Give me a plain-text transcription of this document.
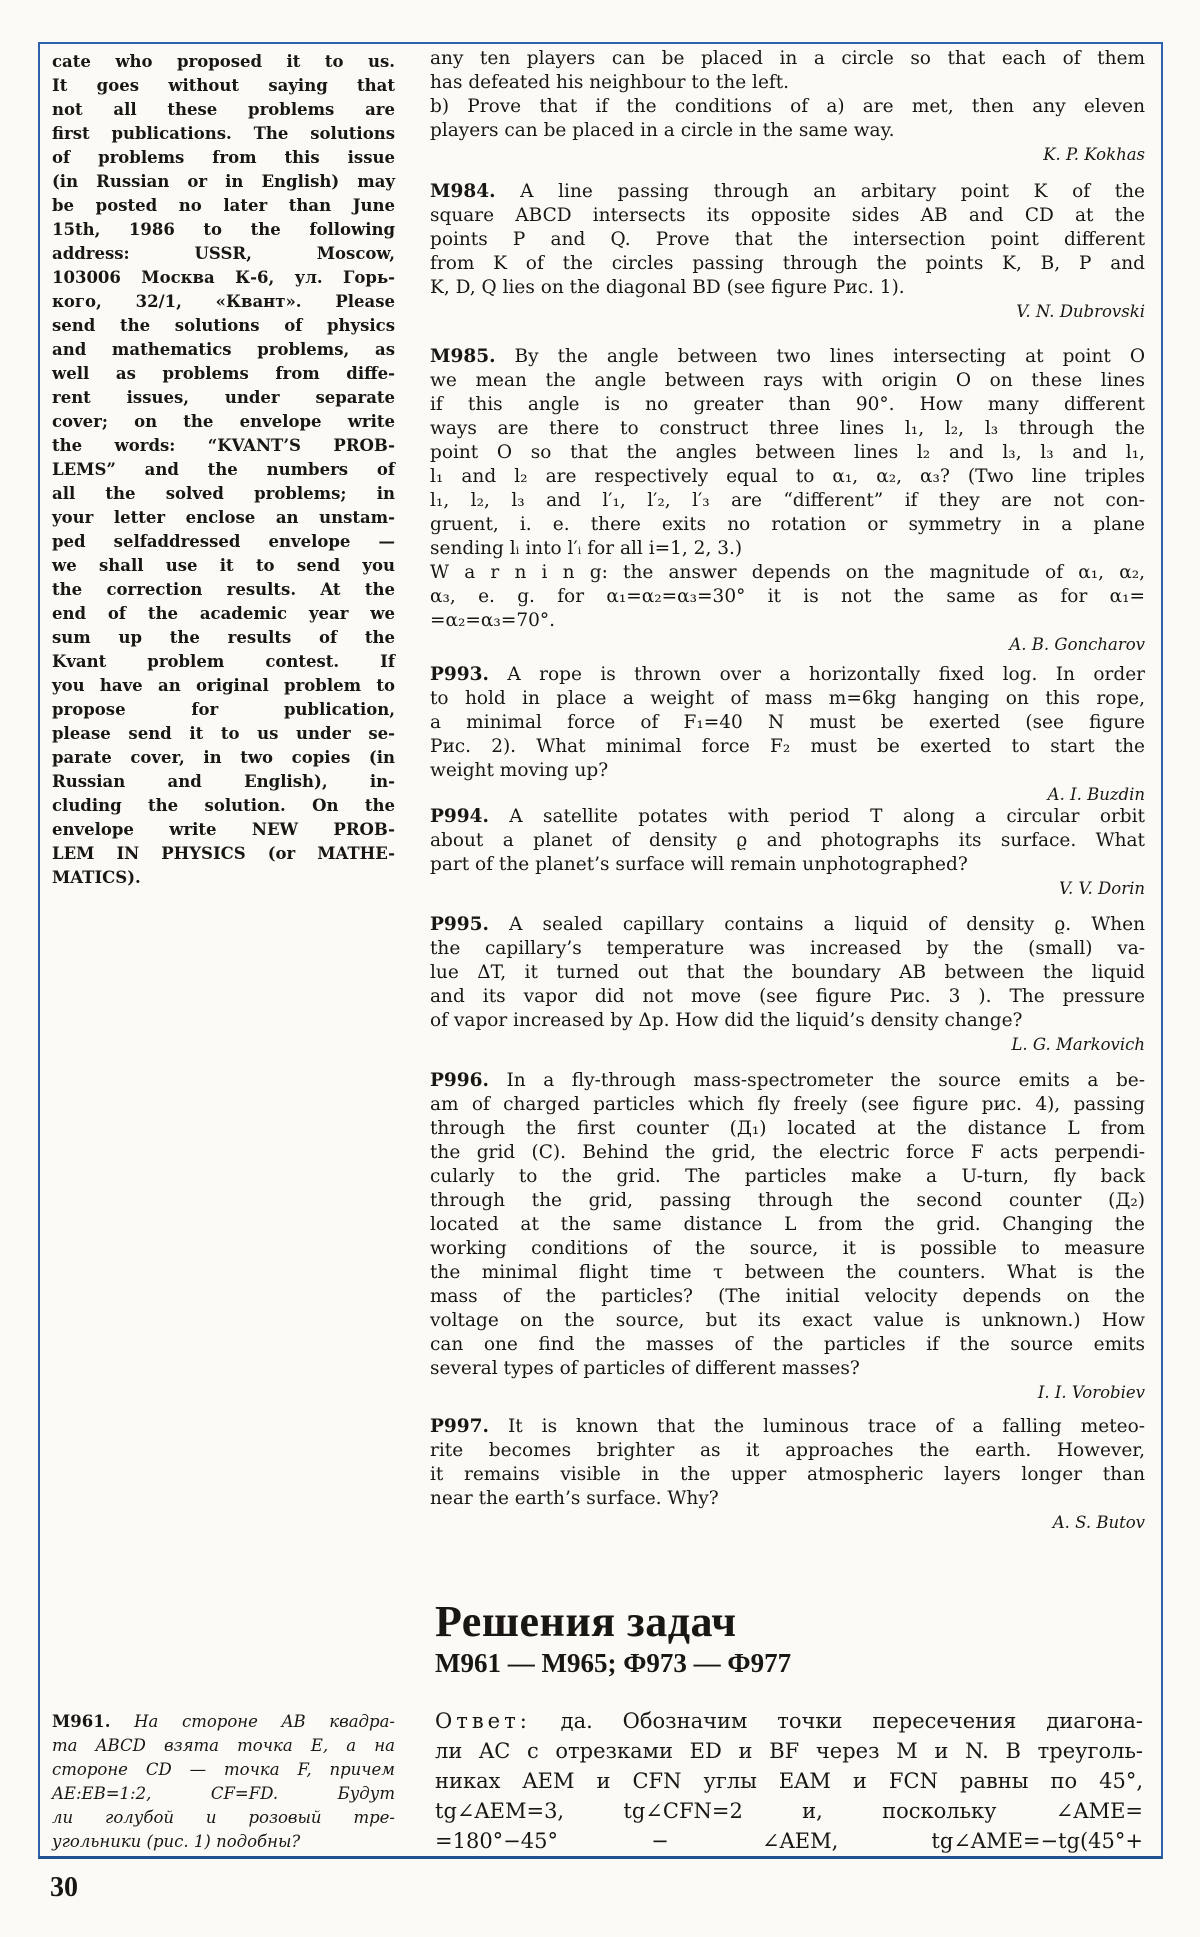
cate who proposed it to us.
It goes without saying that
not all these problems are
first publications. The solutions
of problems from this issue
(in Russian or in English) may
be posted no later than June
15th, 1986 to the following
address: USSR, Moscow,
103006 Москва К-6, ул. Горь-
кого, 32/1, «Квант». Please
send the solutions of physics
and mathematics problems, as
well as problems from diffe-
rent issues, under separate
cover; on the envelope write
the words: “KVANT’S PROB-
LEMS” and the numbers of
all the solved problems; in
your letter enclose an unstam-
ped selfaddressed envelope —
we shall use it to send you
the correction results. At the
end of the academic year we
sum up the results of the
Kvant problem contest. If
you have an original problem to
propose for publication,
please send it to us under se-
parate cover, in two copies (in
Russian and English), in-
cluding the solution. On the
envelope write NEW PROB-
LEM IN PHYSICS (or MATHE-
MATICS).
any ten players can be placed in a circle so that each of them
has defeated his neighbour to the left.
b) Prove that if the conditions of a) are met, then any eleven
players can be placed in a circle in the same way.
K. P. Kokhas
M984. A line passing through an arbitary point K of the
square ABCD intersects its opposite sides AB and CD at the
points P and Q. Prove that the intersection point different
from K of the circles passing through the points K, B, P and
K, D, Q lies on the diagonal BD (see figure Рис. 1).
V. N. Dubrovski
M985. By the angle between two lines intersecting at point O
we mean the angle between rays with origin O on these lines
if this angle is no greater than 90°. How many different
ways are there to construct three lines l₁, l₂, l₃ through the
point O so that the angles between lines l₂ and l₃, l₃ and l₁,
l₁ and l₂ are respectively equal to α₁, α₂, α₃? (Two line triples
l₁, l₂, l₃ and l′₁, l′₂, l′₃ are “different” if they are not con-
gruent, i. e. there exits no rotation or symmetry in a plane
sending lᵢ into l′ᵢ for all i=1, 2, 3.)
W a r n i n g: the answer depends on the magnitude of α₁, α₂,
α₃, e. g. for α₁=α₂=α₃=30° it is not the same as for α₁=
=α₂=α₃=70°.
A. B. Goncharov
P993. A rope is thrown over a horizontally fixed log. In order
to hold in place a weight of mass m=6kg hanging on this rope,
a minimal force of F₁=40 N must be exerted (see figure
Рис. 2). What minimal force F₂ must be exerted to start the
weight moving up?
A. I. Buzdin
P994. A satellite potates with period T along a circular orbit
about a planet of density ϱ and photographs its surface. What
part of the planet’s surface will remain unphotographed?
V. V. Dorin
P995. A sealed capillary contains a liquid of density ϱ. When
the capillary’s temperature was increased by the (small) va-
lue ΔT, it turned out that the boundary AB between the liquid
and its vapor did not move (see figure Рис. 3 ). The pressure
of vapor increased by Δp. How did the liquid’s density change?
L. G. Markovich
P996. In a fly-through mass-spectrometer the source emits a be-
am of charged particles which fly freely (see figure рис. 4), passing
through the first counter (Д₁) located at the distance L from
the grid (C). Behind the grid, the electric force F acts perpendi-
cularly to the grid. The particles make a U-turn, fly back
through the grid, passing through the second counter (Д₂)
located at the same distance L from the grid. Changing the
working conditions of the source, it is possible to measure
the minimal flight time τ between the counters. What is the
mass of the particles? (The initial velocity depends on the
voltage on the source, but its exact value is unknown.) How
can one find the masses of the particles if the source emits
several types of particles of different masses?
I. I. Vorobiev
P997. It is known that the luminous trace of a falling meteo-
rite becomes brighter as it approaches the earth. However,
it remains visible in the upper atmospheric layers longer than
near the earth’s surface. Why?
A. S. Butov
Решения задач
М961 — М965; Ф973 — Ф977
М961. На стороне AB квадра-
та ABCD взята точка E, а на
стороне CD — точка F, причем
AE:EB=1:2, CF=FD. Будут
ли голубой и розовый тре-
угольники (рис. 1) подобны?
Ответ: да. Обозначим точки пересечения диагона-
ли AC с отрезками ED и BF через M и N. В треуголь-
никах AEM и CFN углы EAM и FCN равны по 45°,
tg∠AEM=3, tg∠CFN=2 и, поскольку ∠AME=
=180°−45° − ∠AEM, tg∠AME=−tg(45°+
30
